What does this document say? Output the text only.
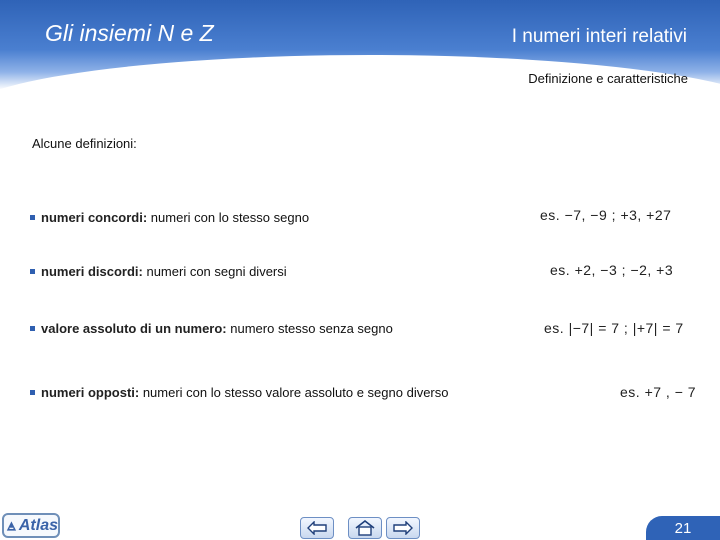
Gli insiemi N e Z	I numeri interi relativi
Definizione e caratteristiche
Alcune definizioni:
numeri concordi: numeri con lo stesso segno	es. −7, −9 ; +3, +27
numeri discordi: numeri con segni diversi	es. +2, −3 ; −2, +3
valore assoluto di un numero: numero stesso senza segno	es. |−7| = 7 ; |+7| = 7
numeri opposti: numeri con lo stesso valore assoluto e segno diverso	es. +7 , − 7
Atlas	21
